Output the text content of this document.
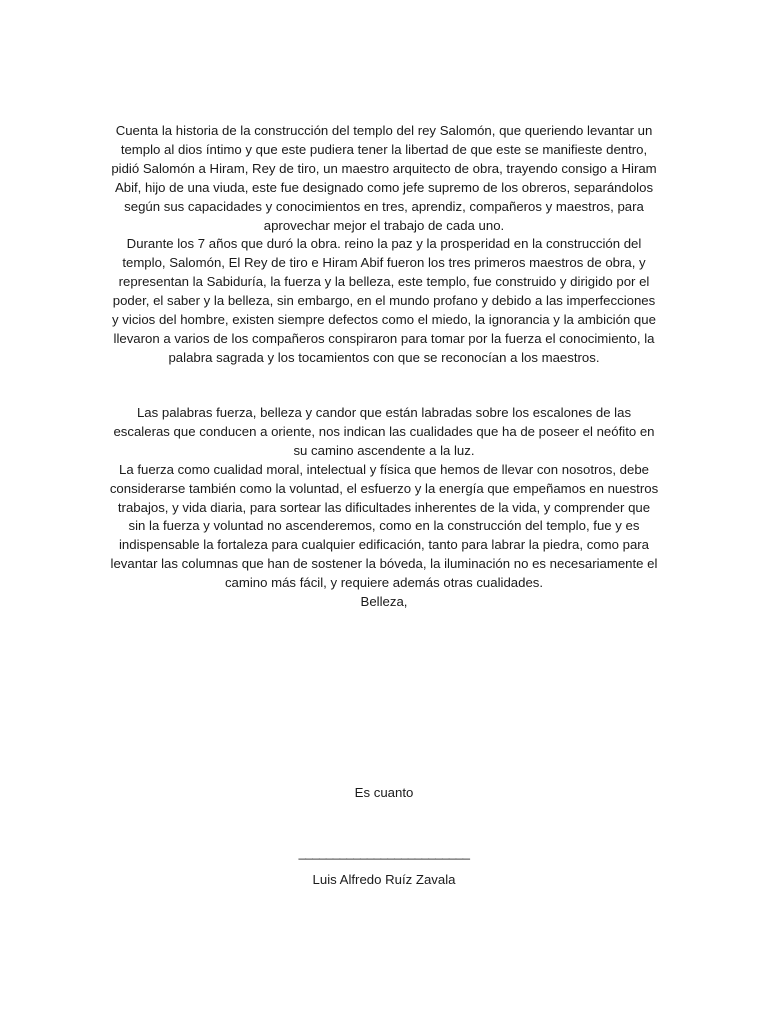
Cuenta la historia de la construcción del templo del rey Salomón, que queriendo levantar un templo al dios íntimo y que este pudiera tener la libertad de que este se manifieste dentro, pidió Salomón a Hiram, Rey de tiro, un maestro arquitecto de obra, trayendo consigo a Hiram Abif, hijo de una viuda, este fue designado como jefe supremo de los obreros, separándolos según sus capacidades y conocimientos en tres, aprendiz, compañeros y maestros, para aprovechar mejor el trabajo de cada uno.

Durante los 7 años que duró la obra. reino la paz y la prosperidad en la construcción del templo, Salomón, El Rey de tiro e Hiram Abif fueron los tres primeros maestros de obra, y representan la Sabiduría, la fuerza y la belleza, este templo, fue construido y dirigido por el poder, el saber y la belleza, sin embargo, en el mundo profano y debido a las imperfecciones y vicios del hombre, existen siempre defectos como el miedo, la ignorancia y la ambición que llevaron a varios de los compañeros conspiraron para tomar por la fuerza el conocimiento, la palabra sagrada y los tocamientos con que se reconocían a los maestros.

Las palabras fuerza, belleza y candor que están labradas sobre los escalones de las escaleras que conducen a oriente, nos indican las cualidades que ha de poseer el neófito en su camino ascendente a la luz.

La fuerza como cualidad moral, intelectual y física que hemos de llevar con nosotros, debe considerarse también como la voluntad, el esfuerzo y la energía que empeñamos en nuestros trabajos, y vida diaria, para sortear las dificultades inherentes de la vida, y comprender que sin la fuerza y voluntad no ascenderemos, como en la construcción del templo, fue y es indispensable la fortaleza para cualquier edificación, tanto para labrar la piedra, como para levantar las columnas que han de sostener la bóveda, la iluminación no es necesariamente el camino más fácil, y requiere además otras cualidades.

Belleza,

Es cuanto
_________________________
Luis Alfredo Ruíz Zavala
